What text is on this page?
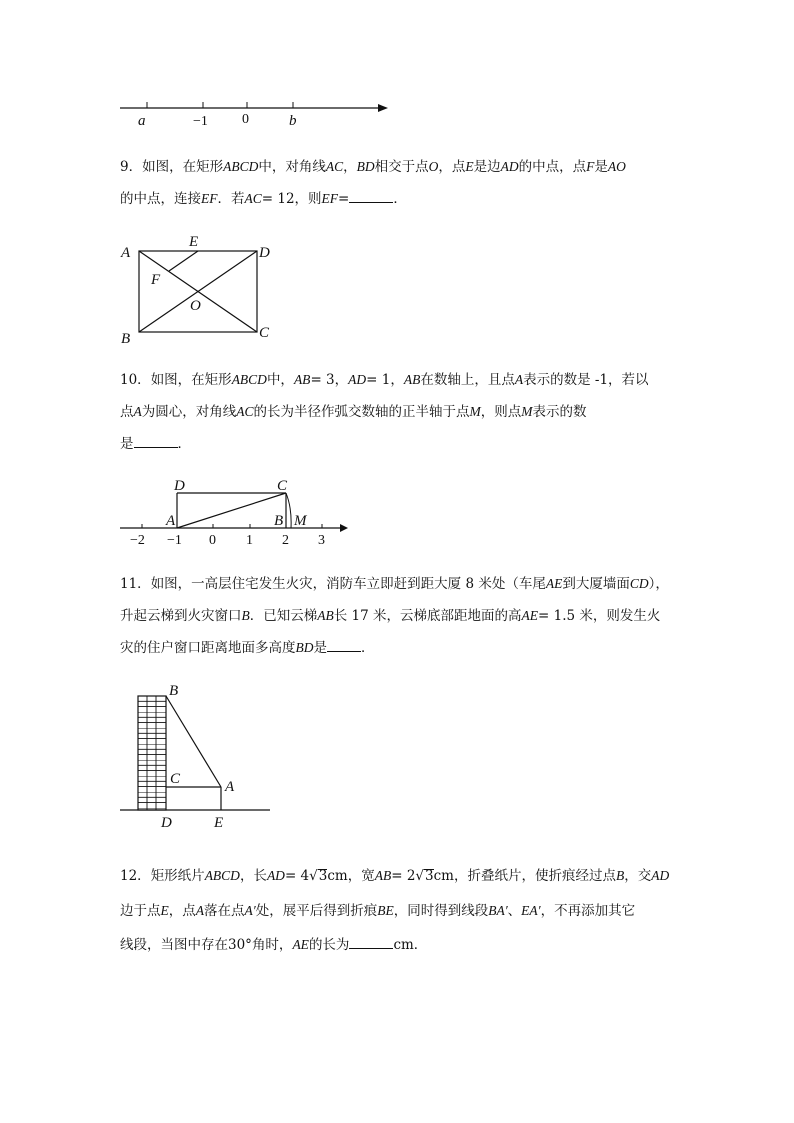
a	−1 0	b
9．如图，在矩形ABCD中，对角线AC，BD相交于点O，点E是边AD的中点，点F是AO
的中点，连接EF．若AC= 12，则EF=	．
A
E
D
F
O
B	C
10．如图，在矩形ABCD中，AB= 3，AD= 1，AB在数轴上，且点A表示的数是 -1，若以
点A为圆心，对角线AC的长为半径作弧交数轴的正半轴于点M，则点M表示的数
是	．
D	C
A	B M
−2 −1 0 1 2 3
11．如图，一高层住宅发生火灾，消防车立即赶到距大厦 8 米处（车尾AE到大厦墙面CD），
升起云梯到火灾窗口B．已知云梯AB长 17 米，云梯底部距地面的高AE= 1.5 米，则发生火
灾的住户窗口距离地面多高度BD是	．
B
C	A
D	E
12．矩形纸片ABCD，长AD= 4√3cm，宽AB= 2√3cm，折叠纸片，使折痕经过点B，交AD
边于点E，点A落在点A′处，展平后得到折痕BE，同时得到线段BA′、EA′，不再添加其它
线段，当图中存在30°角时，AE的长为	cm．
